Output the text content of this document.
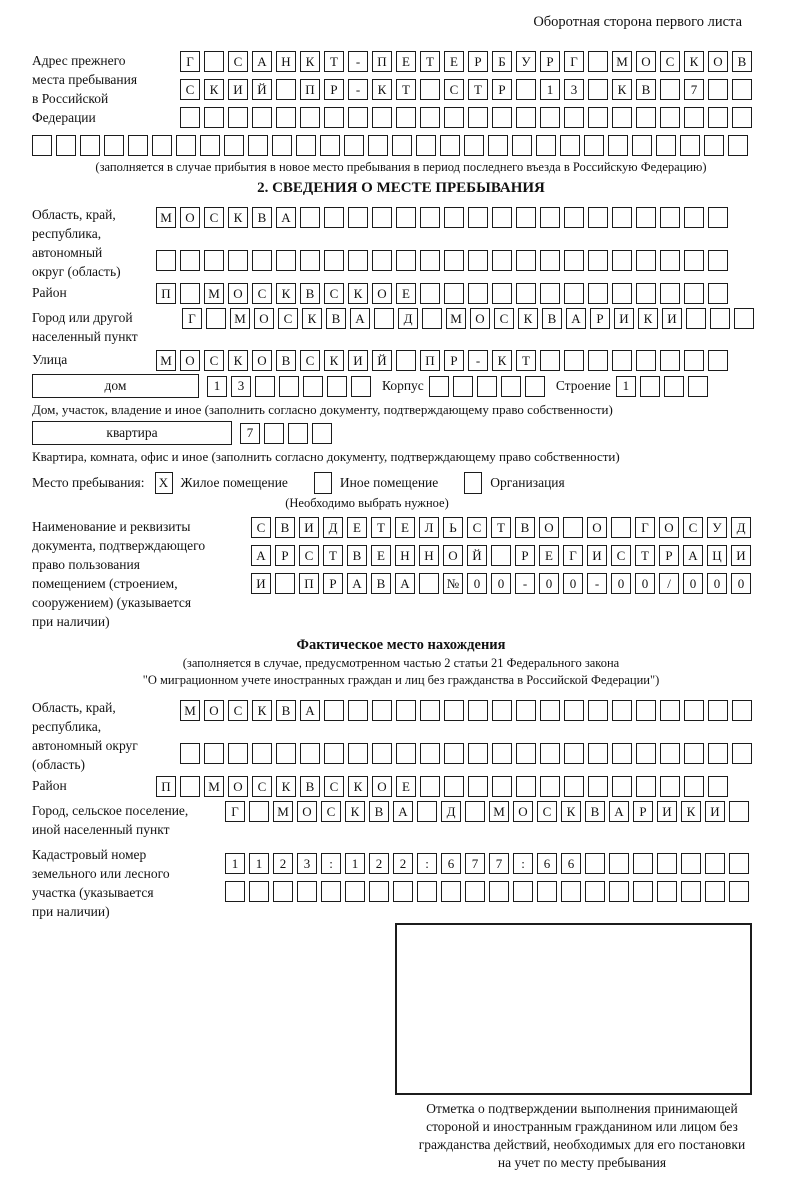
Оборотная сторона первого листа
Адрес прежнего
места пребывания
в Российской
Федерации
Г	С	А	Н	К	Т	-	П	Е	Т	Е	Р	Б	У	Р	Г	М	О	С	К	О	В
С	К	И	Й	П	Р	-	К	Т	С	Т	Р	1	3	К	В	7
(заполняется в случае прибытия в новое место пребывания в период последнего въезда в Российскую Федерацию)
2. СВЕДЕНИЯ О МЕСТЕ ПРЕБЫВАНИЯ
Область, край,
республика,
автономный
округ (область)
М	О	С	К	В	А
Район	П	М	О	С	К	В	С	К	О	Е
Город или другой
населенный пункт
Г	М	О	С	К	В	А	Д	М	О	С	К	В	А	Р	И	К	И
Улица	М	О	С	К	О	В	С	К	И	Й	П	Р	-	К	Т
дом	1	3	Корпус	Строение 1
Дом, участок, владение и иное (заполнить согласно документу, подтверждающему право собственности)
квартира	7
Квартира, комната, офис и иное (заполнить согласно документу, подтверждающему право собственности)
Место пребывания:	X Жилое помещение	Иное помещение	Организация
(Необходимо выбрать нужное)
Наименование и реквизиты
документа, подтверждающего
право пользования
помещением (строением,
сооружением) (указывается
при наличии)
С	В	И	Д	Е	Т	Е	Л	Ь	С	Т	В	О	О	Г	О	С	У	Д
А	Р	С	Т	В	Е	Н	Н	О	Й	Р	Е	Г	И	С	Т	Р	А	Ц	И
И	П	Р	А	В	А	№	0	0	-	0	0	-	0	0	/	0	0	0
Фактическое место нахождения
(заполняется в случае, предусмотренном частью 2 статьи 21 Федерального закона
"О миграционном учете иностранных граждан и лиц без гражданства в Российской Федерации")
Область, край,
республика,
автономный округ
(область)
М	О	С	К	В	А
Район	П	М	О	С	К	В	С	К	О	Е
Город, сельское поселение,
иной населенный пункт
Г	М	О	С	К	В	А	Д	М	О	С	К	В	А	Р	И	К	И
Кадастровый номер
земельного или лесного
участка (указывается
при наличии)
1	1	2	3	:	1	2	2	:	6	7	7	:	6	6
Отметка о подтверждении выполнения принимающей
стороной и иностранным гражданином или лицом без
гражданства действий, необходимых для его постановки
на учет по месту пребывания
